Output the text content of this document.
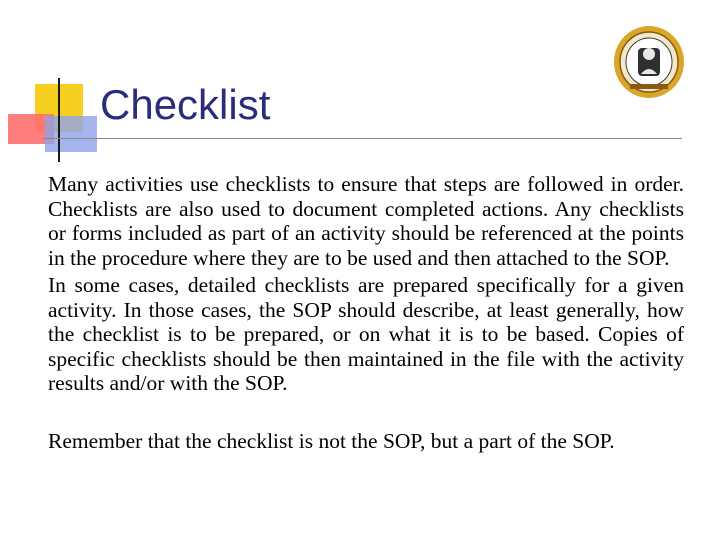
Checklist

Many activities use checklists to ensure that steps are followed in order. Checklists are also used to document completed actions. Any checklists or forms included as part of an activity should be referenced at the points in the procedure where they are to be used and then attached to the SOP.

In some cases, detailed checklists are prepared specifically for a given activity. In those cases, the SOP should describe, at least generally, how the checklist is to be prepared, or on what it is to be based. Copies of specific checklists should be then maintained in the file with the activity results and/or with the SOP.

Remember that the checklist is not the SOP, but a part of the SOP.
